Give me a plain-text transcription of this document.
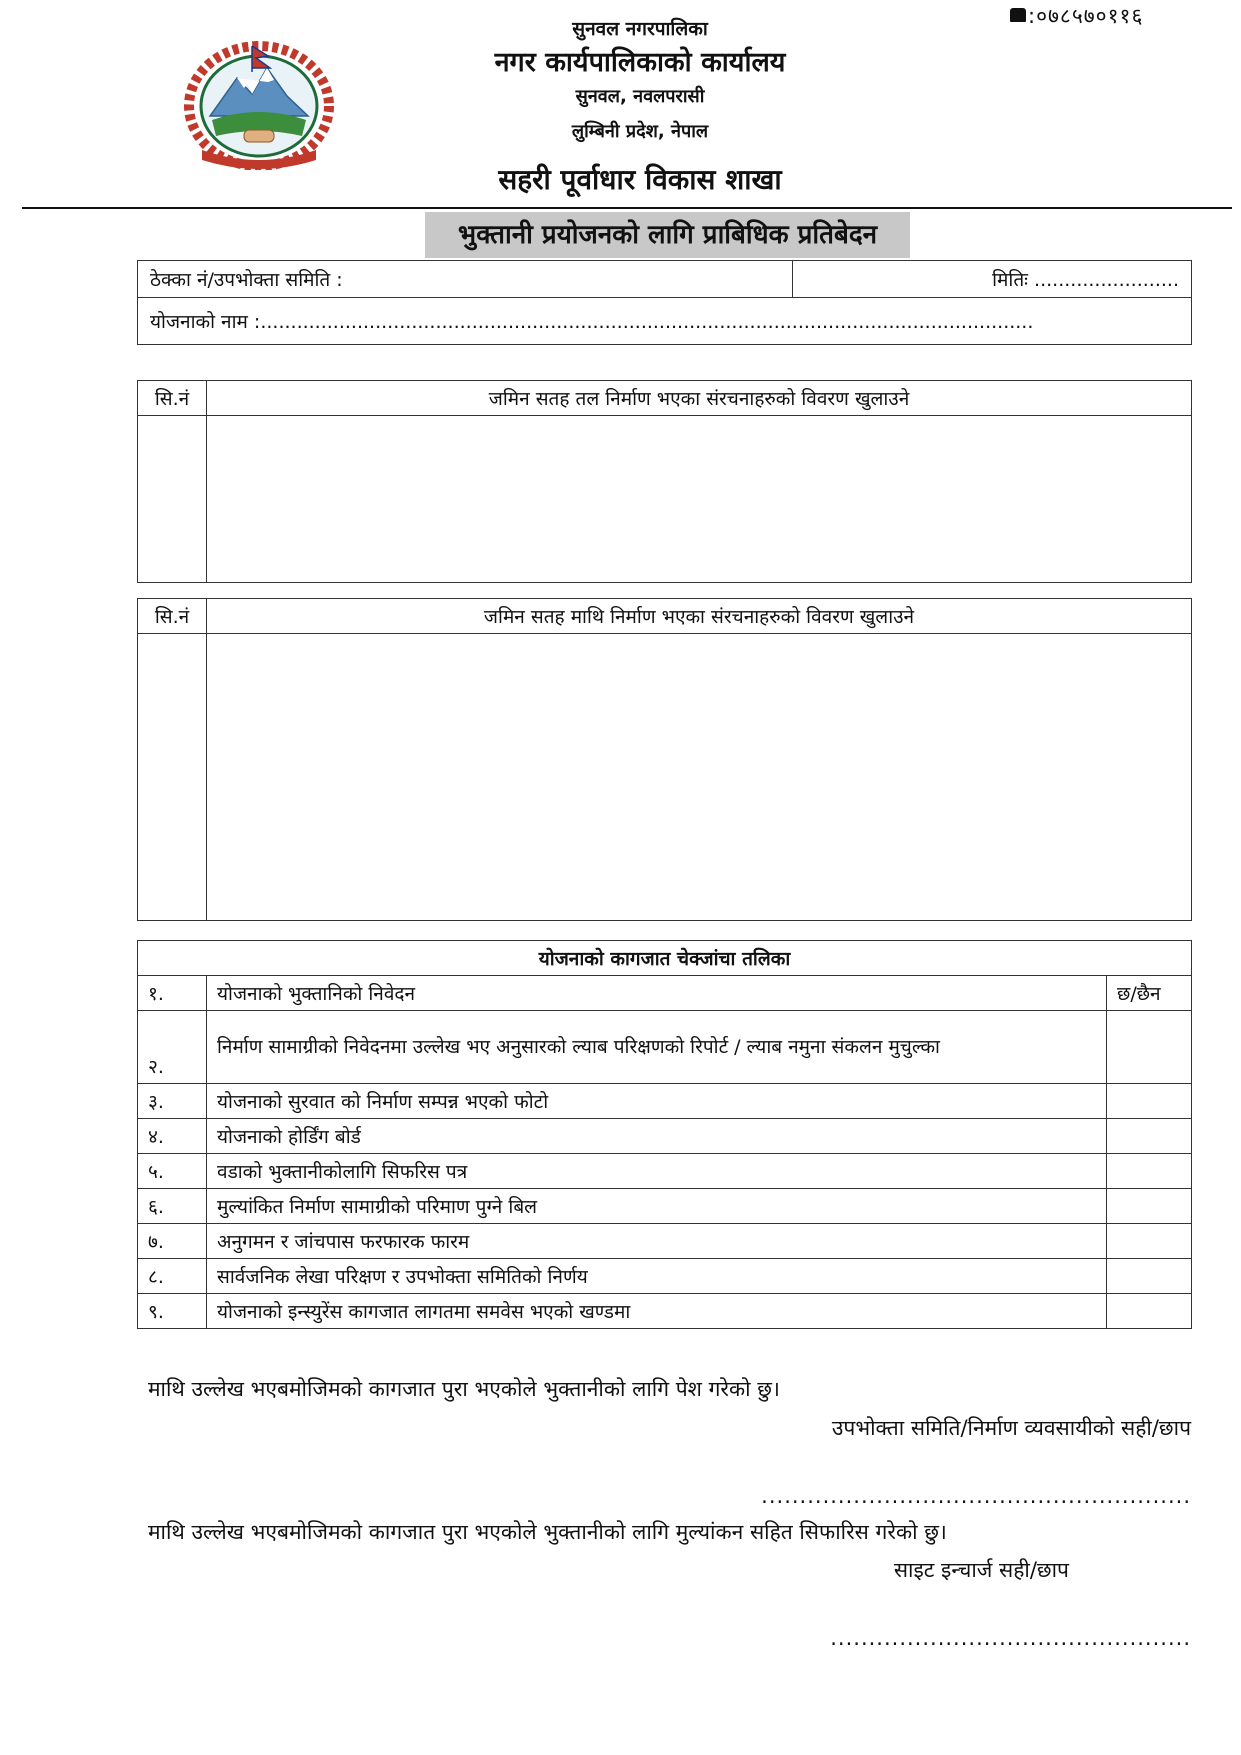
:०७८५७०११६
सुनवल नगरपालिका
नगर कार्यपालिकाको कार्यालय
सुनवल, नवलपरासी
लुम्बिनी प्रदेश, नेपाल
सहरी पूर्वाधार विकास शाखा
भुक्तानी प्रयोजनको लागि प्राबिधिक प्रतिबेदन
ठेक्का नं/उपभोक्ता समिति :	मितिः ........................
योजनाको नाम :................................................................................................................................
सि.नं	जमिन सतह तल निर्माण भएका संरचनाहरुको विवरण खुलाउने

सि.नं	जमिन सतह माथि निर्माण भएका संरचनाहरुको विवरण खुलाउने

योजनाको कागजात चेक्जांचा तलिका		
१.	योजनाको भुक्तानिको निवेदन	छ/छैन
२.	निर्माण सामाग्रीको निवेदनमा उल्लेख भए अनुसारको ल्याब परिक्षणको रिपोर्ट / ल्याब नमुना संकलन मुचुल्का	
३.	योजनाको सुरवात को निर्माण सम्पन्न भएको फोटो	
४.	योजनाको होर्डिंग बोर्ड	
५.	वडाको भुक्तानीकोलागि सिफरिस पत्र	
६.	मुल्यांकित निर्माण सामाग्रीको परिमाण पुग्ने बिल	
७.	अनुगमन र जांचपास फरफारक फारम	
८.	सार्वजनिक लेखा परिक्षण र उपभोक्ता समितिको निर्णय	
९.	योजनाको इन्स्युरेंस कागजात लागतमा समवेस भएको खण्डमा	
माथि उल्लेख भएबमोजिमको कागजात पुरा भएकोले भुक्तानीको लागि पेश गरेको छु।
उपभोक्ता समिति/निर्माण व्यवसायीको सही/छाप
........................................................
माथि उल्लेख भएबमोजिमको कागजात पुरा भएकोले भुक्तानीको लागि मुल्यांकन सहित सिफारिस गरेको छु।
साइट इन्चार्ज सही/छाप
...............................................
